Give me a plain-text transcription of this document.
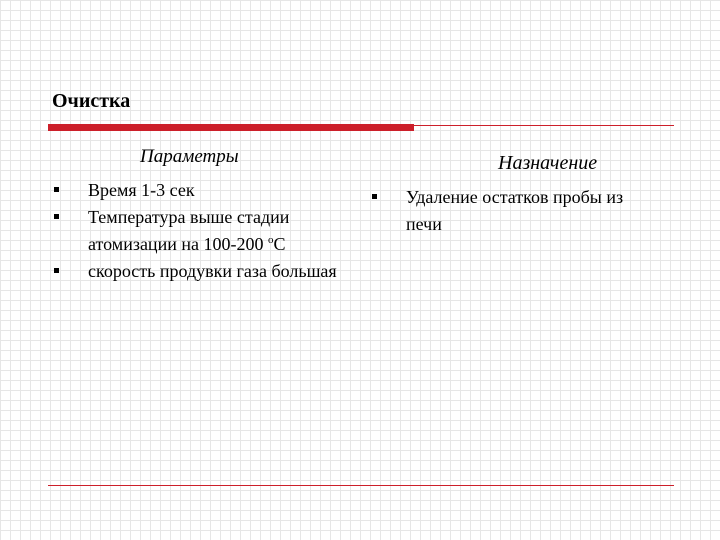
Очистка
Параметры	Назначение
Время 1-3 сек
Температура выше стадии атомизации на 100-200 $^о$С
скорость продувки газа большая
Удаление остатков пробы из печи
